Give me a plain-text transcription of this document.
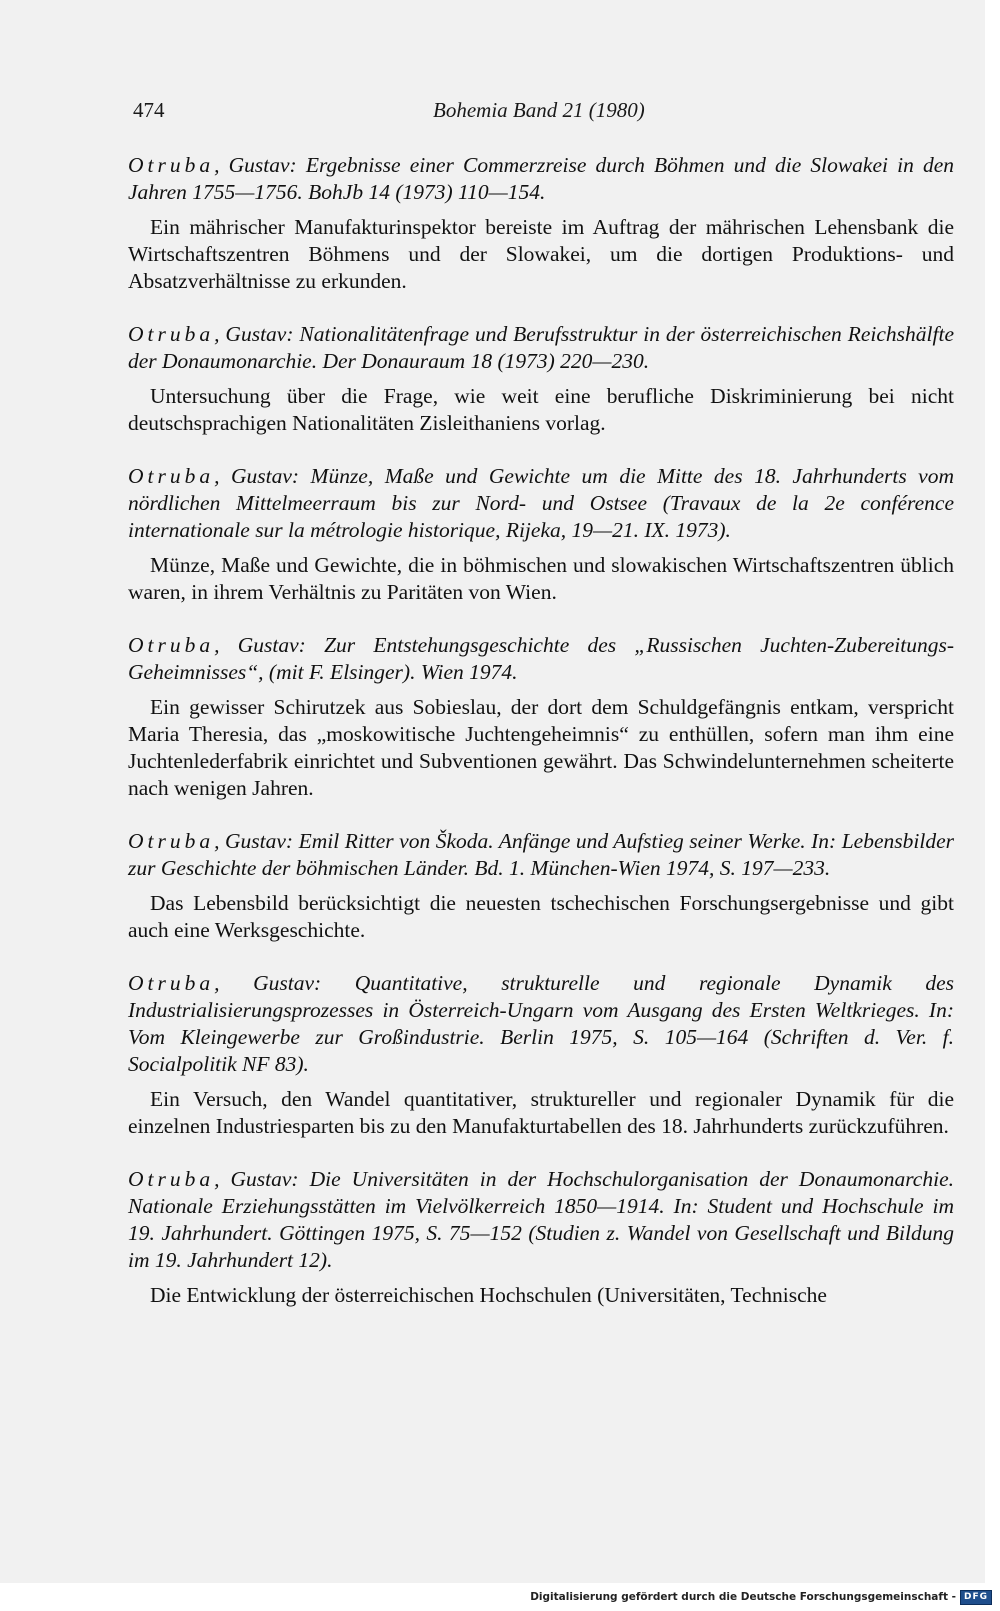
474	Bohemia Band 21 (1980)

Otruba, Gustav: Ergebnisse einer Commerzreise durch Böhmen und die Slowakei in den Jahren 1755—1756. BohJb 14 (1973) 110—154.

Ein mährischer Manufakturinspektor bereiste im Auftrag der mährischen Lehensbank die Wirtschaftszentren Böhmens und der Slowakei, um die dortigen Produktions- und Absatzverhältnisse zu erkunden.

Otruba, Gustav: Nationalitätenfrage und Berufsstruktur in der österreichischen Reichshälfte der Donaumonarchie. Der Donauraum 18 (1973) 220—230.

Untersuchung über die Frage, wie weit eine berufliche Diskriminierung bei nicht deutschsprachigen Nationalitäten Zisleithaniens vorlag.

Otruba, Gustav: Münze, Maße und Gewichte um die Mitte des 18. Jahrhunderts vom nördlichen Mittelmeerraum bis zur Nord- und Ostsee (Travaux de la 2e conférence internationale sur la métrologie historique, Rijeka, 19—21. IX. 1973).

Münze, Maße und Gewichte, die in böhmischen und slowakischen Wirtschaftszentren üblich waren, in ihrem Verhältnis zu Paritäten von Wien.

Otruba, Gustav: Zur Entstehungsgeschichte des „Russischen Juchten-Zubereitungs-Geheimnisses“, (mit F. Elsinger). Wien 1974.

Ein gewisser Schirutzek aus Sobieslau, der dort dem Schuldgefängnis entkam, verspricht Maria Theresia, das „moskowitische Juchtengeheimnis“ zu enthüllen, sofern man ihm eine Juchtenlederfabrik einrichtet und Subventionen gewährt. Das Schwindelunternehmen scheiterte nach wenigen Jahren.

Otruba, Gustav: Emil Ritter von Škoda. Anfänge und Aufstieg seiner Werke. In: Lebensbilder zur Geschichte der böhmischen Länder. Bd. 1. München-Wien 1974, S. 197—233.

Das Lebensbild berücksichtigt die neuesten tschechischen Forschungsergebnisse und gibt auch eine Werksgeschichte.

Otruba, Gustav: Quantitative, strukturelle und regionale Dynamik des Industrialisierungsprozesses in Österreich-Ungarn vom Ausgang des Ersten Weltkrieges. In: Vom Kleingewerbe zur Großindustrie. Berlin 1975, S. 105—164 (Schriften d. Ver. f. Socialpolitik NF 83).

Ein Versuch, den Wandel quantitativer, struktureller und regionaler Dynamik für die einzelnen Industriesparten bis zu den Manufakturtabellen des 18. Jahrhunderts zurückzuführen.

Otruba, Gustav: Die Universitäten in der Hochschulorganisation der Donaumonarchie. Nationale Erziehungsstätten im Vielvölkerreich 1850—1914. In: Student und Hochschule im 19. Jahrhundert. Göttingen 1975, S. 75—152 (Studien z. Wandel von Gesellschaft und Bildung im 19. Jahrhundert 12).

Die Entwicklung der österreichischen Hochschulen (Universitäten, Technische

Digitalisierung gefördert durch die Deutsche Forschungsgemeinschaft - DFG
